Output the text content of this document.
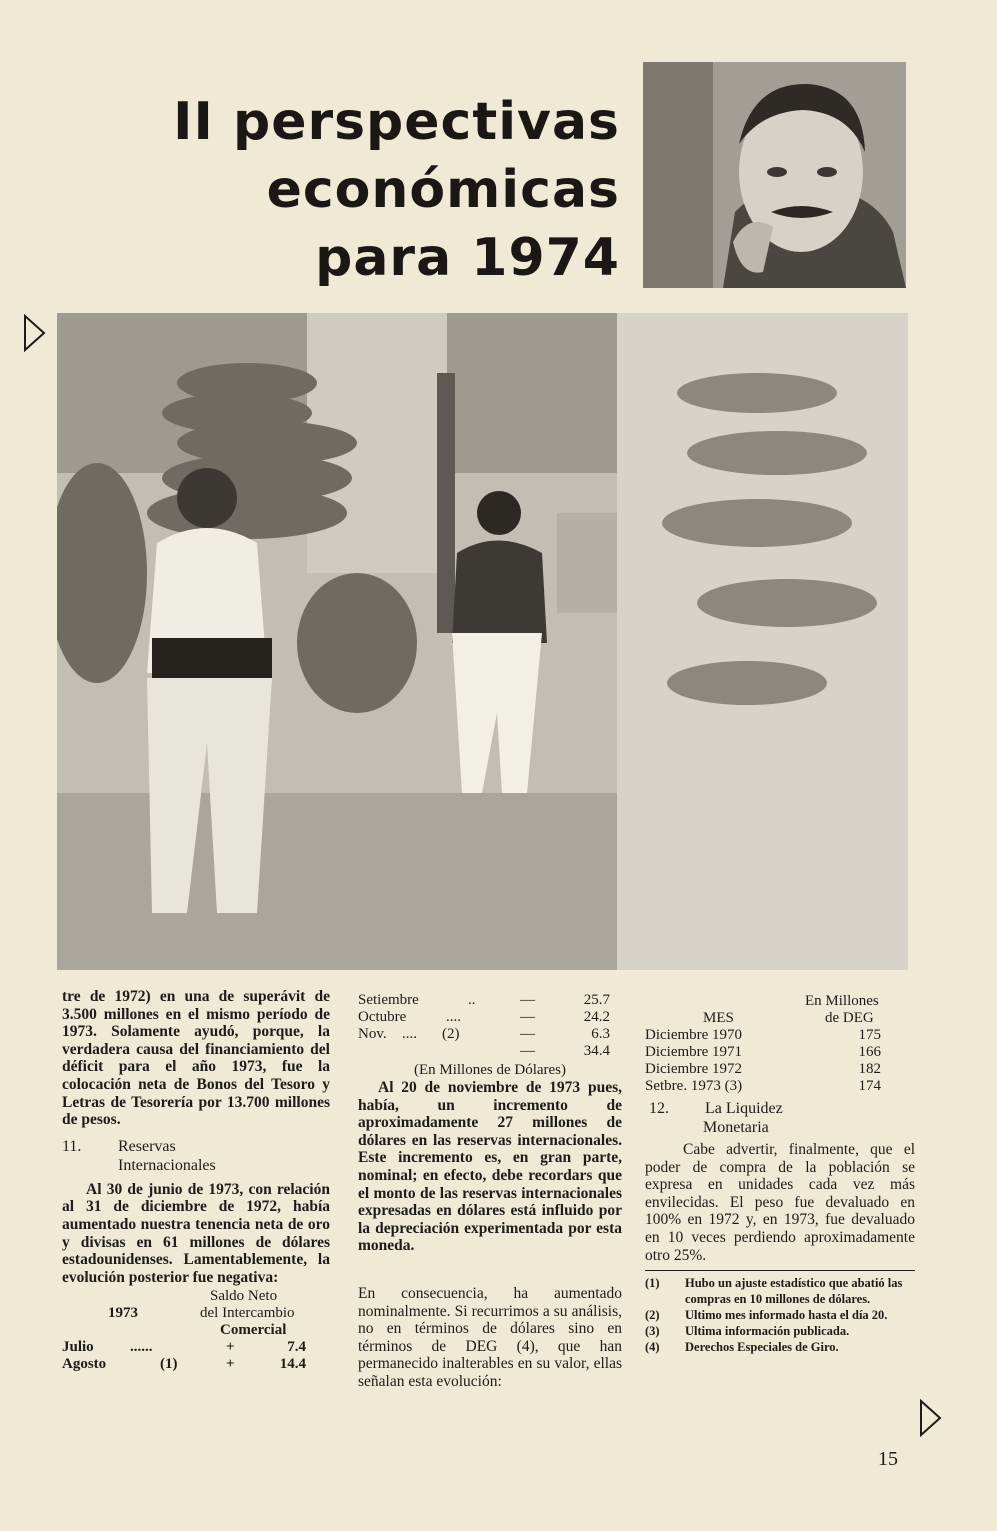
II perspectivas
económicas
para 1974

tre de 1972) en una de superávit de 3.500 millones en el mismo período de 1973. Solamente ayudó, porque, la verdadera causa del financiamiento del déficit para el año 1973, fue la colocación neta de Bonos del Tesoro y Letras de Tesorería por 13.700 millones de pesos.

11.	Reservas
Internacionales

Al 30 de junio de 1973, con relación al 31 de diciembre de 1972, había aumentado nuestra tenencia neta de oro y divisas en 61 millones de dólares estadounidenses. Lamentablemente, la evolución posterior fue negativa:

Saldo Neto
1973	del Intercambio
Comercial
Julio	......	+	7.4
Agosto	(1)	+	14.4
Setiembre	..	—	25.7
Octubre	....	—	24.2
Nov.	....	(2)	—	6.3
—	34.4
(En Millones de Dólares)

Al 20 de noviembre de 1973 pues, había, un incremento de aproximadamente 27 millones de dólares en las reservas internacionales. Este incremento es, en gran parte, nominal; en efecto, debe recordars que el monto de las reservas internacionales expresadas en dólares está influido por la depreciación experimentada por esta moneda.

En consecuencia, ha aumentado nominalmente. Si recurrimos a su análisis, no en términos de dólares sino en términos de DEG (4), que han permanecido inalterables en su valor, ellas señalan esta evolución:

En Millones
MES	de DEG
Diciembre 1970	175
Diciembre 1971	166
Diciembre 1972	182
Setbre. 1973 (3)	174
12.	La Liquidez
Monetaria

Cabe advertir, finalmente, que el poder de compra de la población se expresa en unidades cada vez más envilecidas. El peso fue devaluado en 100% en 1972 y, en 1973, fue devaluado en 10 veces perdiendo aproximadamente otro 25%.

(1)	Hubo un ajuste estadístico que abatió las compras en 10 millones de dólares.
(2)	Ultimo mes informado hasta el día 20.
(3)	Ultima información publicada.
(4)	Derechos Especiales de Giro.
15
